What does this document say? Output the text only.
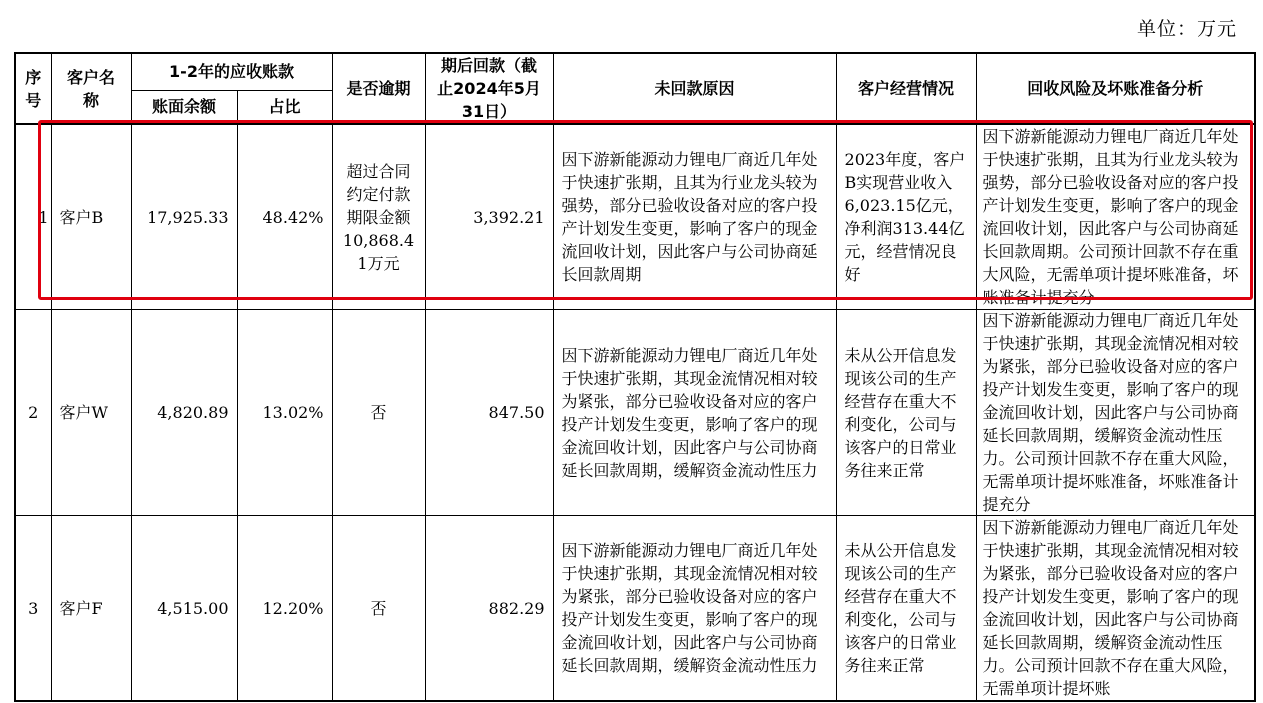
单位：万元
序号	客户名称	1-2年的应收账款		是否逾期	期后回款（截止2024年5月31日）	未回款原因	客户经营情况	回收风险及坏账准备分析
		账面余额	占比					
1	客户B	17,925.33	48.42%	超过合同约定付款期限金额10,868.41万元	3,392.21	因下游新能源动力锂电厂商近几年处于快速扩张期，且其为行业龙头较为强势，部分已验收设备对应的客户投产计划发生变更，影响了客户的现金流回收计划，因此客户与公司协商延长回款周期	2023年度，客户B实现营业收入6,023.15亿元，净利润313.44亿元，经营情况良好	因下游新能源动力锂电厂商近几年处于快速扩张期，且其为行业龙头较为强势，部分已验收设备对应的客户投产计划发生变更，影响了客户的现金流回收计划，因此客户与公司协商延长回款周期。公司预计回款不存在重大风险，无需单项计提坏账准备，坏账准备计提充分

2	客户W	4,820.89	13.02%	否	847.50	因下游新能源动力锂电厂商近几年处于快速扩张期，其现金流情况相对较为紧张，部分已验收设备对应的客户投产计划发生变更，影响了客户的现金流回收计划，因此客户与公司协商延长回款周期，缓解资金流动性压力	未从公开信息发现该公司的生产经营存在重大不利变化，公司与该客户的日常业务往来正常	因下游新能源动力锂电厂商近几年处于快速扩张期，其现金流情况相对较为紧张，部分已验收设备对应的客户投产计划发生变更，影响了客户的现金流回收计划，因此客户与公司协商延长回款周期，缓解资金流动性压力。公司预计回款不存在重大风险，无需单项计提坏账准备，坏账准备计提充分

3	客户F	4,515.00	12.20%	否	882.29	因下游新能源动力锂电厂商近几年处于快速扩张期，其现金流情况相对较为紧张，部分已验收设备对应的客户投产计划发生变更，影响了客户的现金流回收计划，因此客户与公司协商延长回款周期，缓解资金流动性压力	未从公开信息发现该公司的生产经营存在重大不利变化，公司与该客户的日常业务往来正常	因下游新能源动力锂电厂商近几年处于快速扩张期，其现金流情况相对较为紧张，部分已验收设备对应的客户投产计划发生变更，影响了客户的现金流回收计划，因此客户与公司协商延长回款周期，缓解资金流动性压力。公司预计回款不存在重大风险，无需单项计提坏账
